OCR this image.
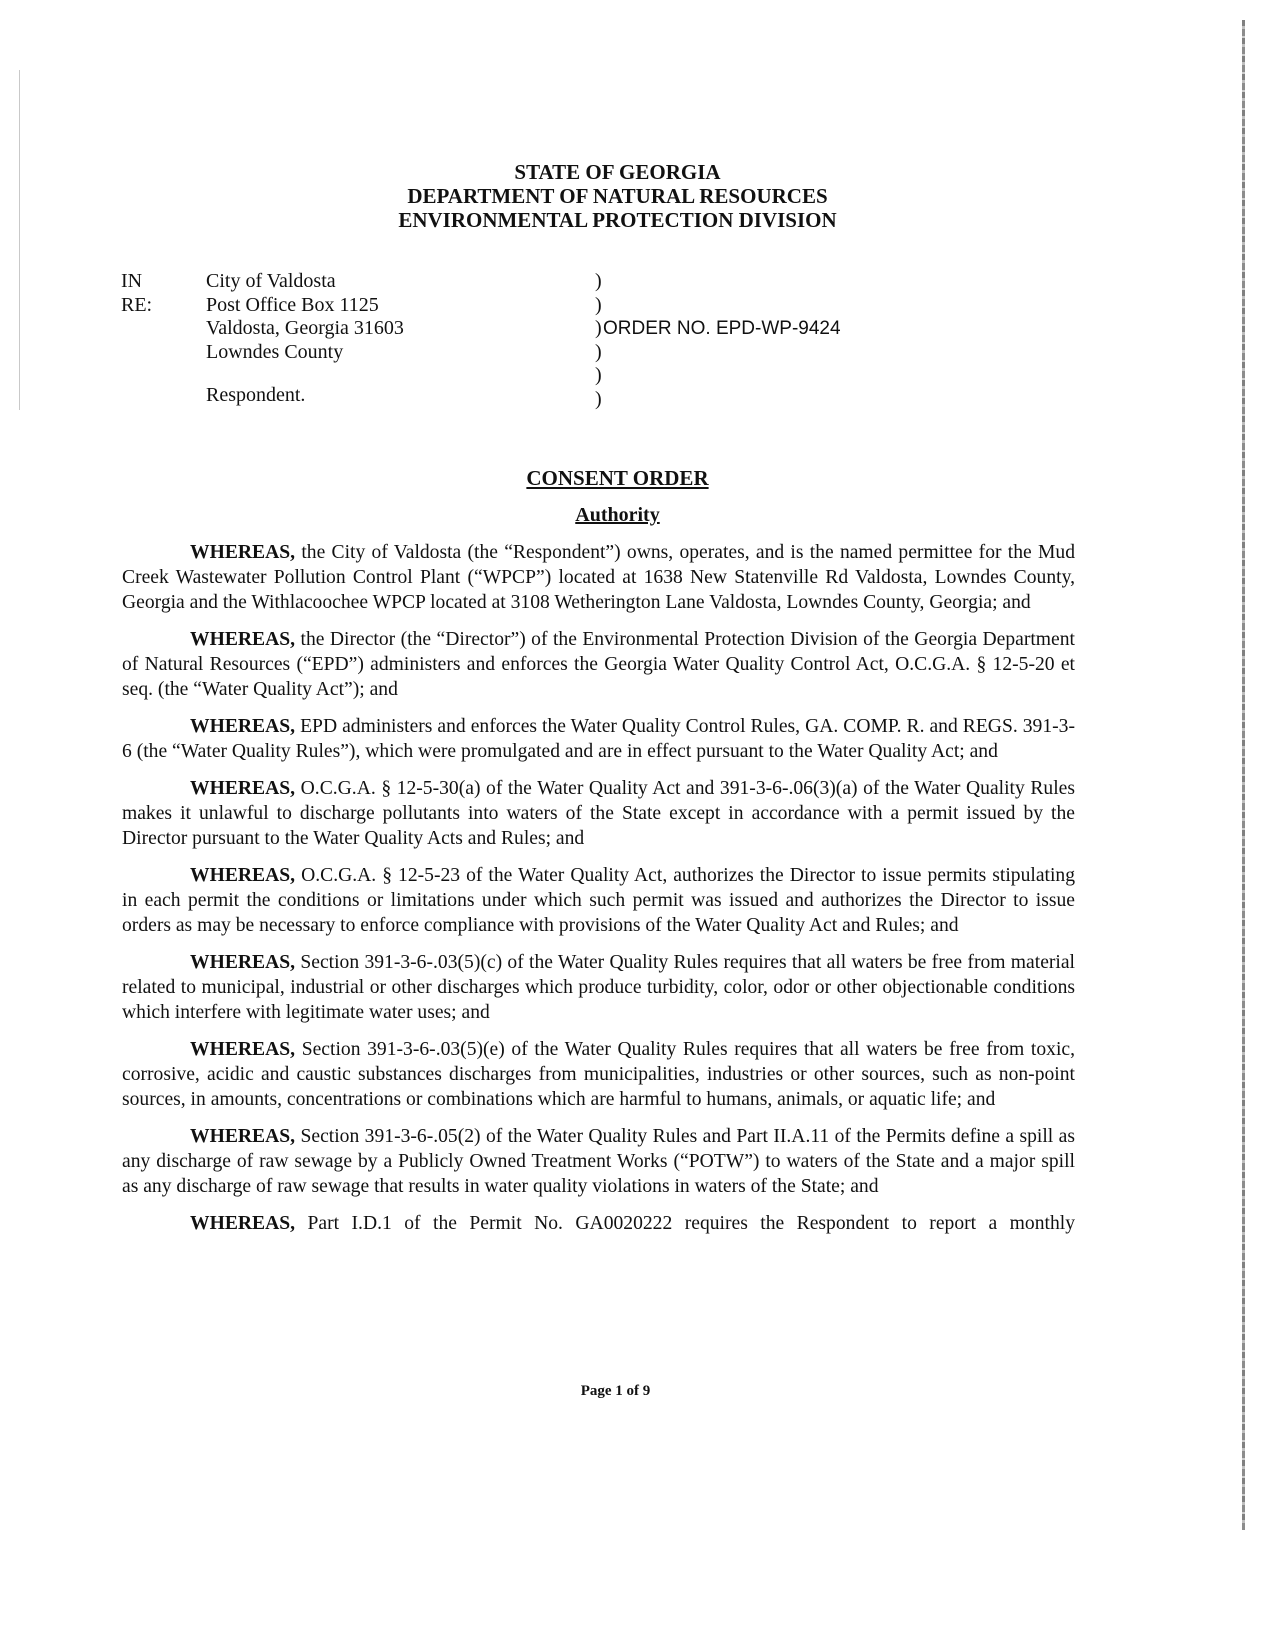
STATE OF GEORGIA
DEPARTMENT OF NATURAL RESOURCES
ENVIRONMENTAL PROTECTION DIVISION
IN RE:
City of Valdosta
Post Office Box 1125
Valdosta, Georgia 31603
Lowndes County
Respondent.
)
)
)
)
)
)
ORDER NO. EPD-WP-9424
CONSENT ORDER
Authority

WHEREAS, the City of Valdosta (the “Respondent”) owns, operates, and is the named permittee for the Mud Creek Wastewater Pollution Control Plant (“WPCP”) located at 1638 New Statenville Rd Valdosta, Lowndes County, Georgia and the Withlacoochee WPCP located at 3108 Wetherington Lane Valdosta, Lowndes County, Georgia; and

WHEREAS, the Director (the “Director”) of the Environmental Protection Division of the Georgia Department of Natural Resources (“EPD”) administers and enforces the Georgia Water Quality Control Act, O.C.G.A. § 12-5-20 et seq. (the “Water Quality Act”); and

WHEREAS, EPD administers and enforces the Water Quality Control Rules, GA. COMP. R. and REGS. 391-3-6 (the “Water Quality Rules”), which were promulgated and are in effect pursuant to the Water Quality Act; and

WHEREAS, O.C.G.A. § 12-5-30(a) of the Water Quality Act and 391-3-6-.06(3)(a) of the Water Quality Rules makes it unlawful to discharge pollutants into waters of the State except in accordance with a permit issued by the Director pursuant to the Water Quality Acts and Rules; and

WHEREAS, O.C.G.A. § 12-5-23 of the Water Quality Act, authorizes the Director to issue permits stipulating in each permit the conditions or limitations under which such permit was issued and authorizes the Director to issue orders as may be necessary to enforce compliance with provisions of the Water Quality Act and Rules; and

WHEREAS, Section 391-3-6-.03(5)(c) of the Water Quality Rules requires that all waters be free from material related to municipal, industrial or other discharges which produce turbidity, color, odor or other objectionable conditions which interfere with legitimate water uses; and

WHEREAS, Section 391-3-6-.03(5)(e) of the Water Quality Rules requires that all waters be free from toxic, corrosive, acidic and caustic substances discharges from municipalities, industries or other sources, such as non-point sources, in amounts, concentrations or combinations which are harmful to humans, animals, or aquatic life; and

WHEREAS, Section 391-3-6-.05(2) of the Water Quality Rules and Part II.A.11 of the Permits define a spill as any discharge of raw sewage by a Publicly Owned Treatment Works (“POTW”) to waters of the State and a major spill as any discharge of raw sewage that results in water quality violations in waters of the State; and

WHEREAS, Part I.D.1 of the Permit No. GA0020222 requires the Respondent to report a monthly

Page 1 of 9
